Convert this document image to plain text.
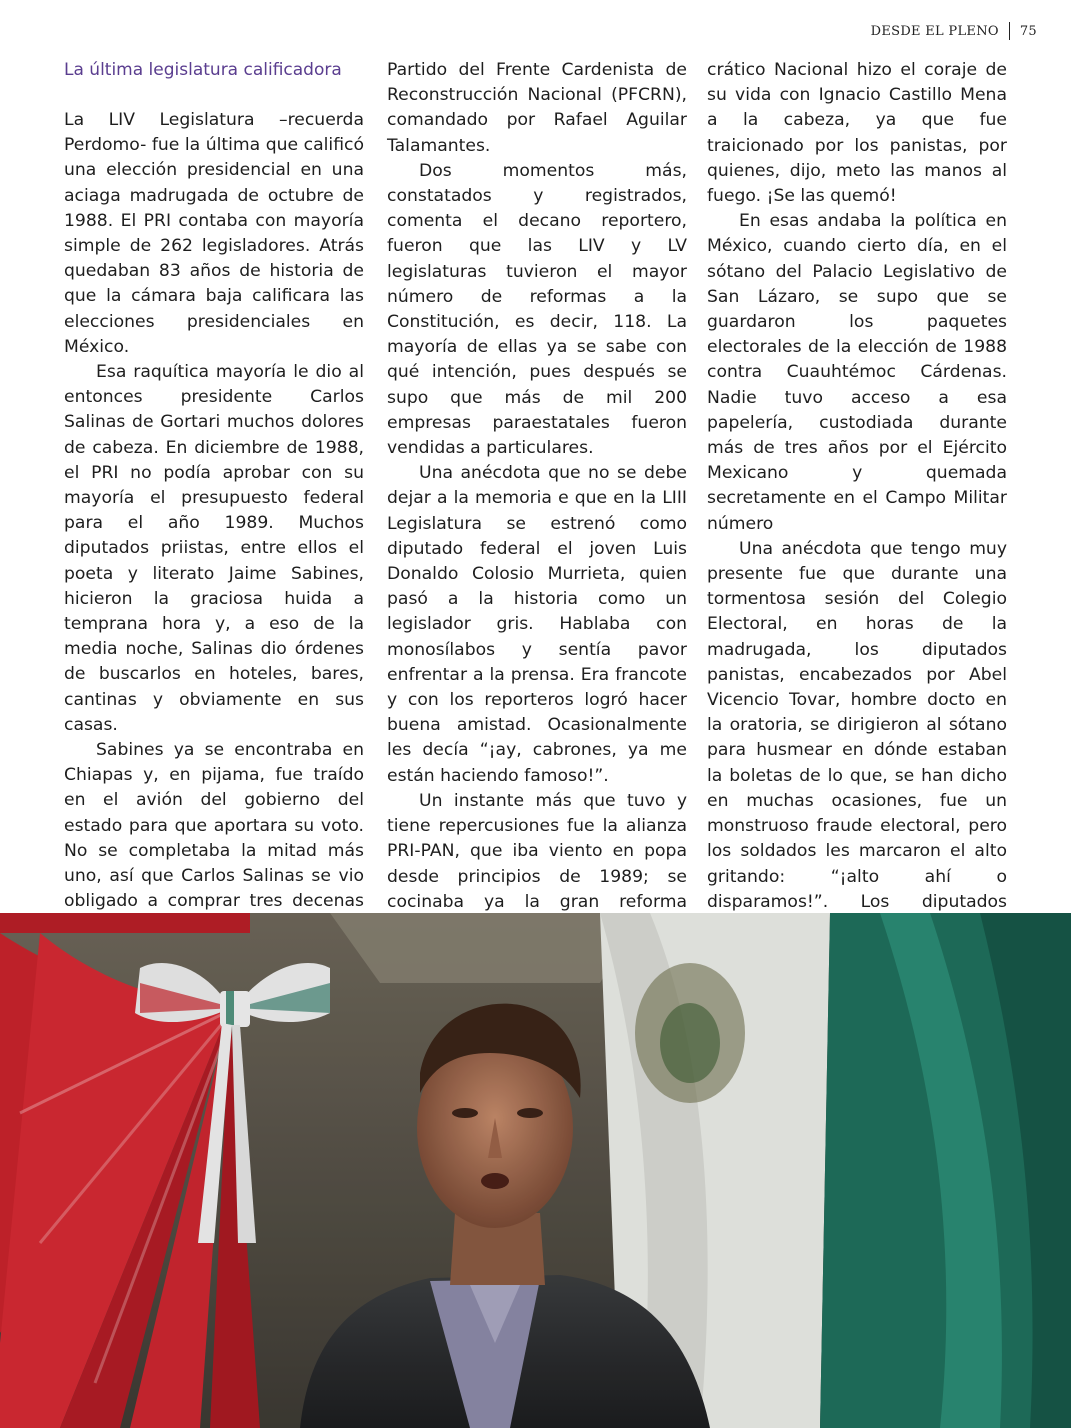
DESDE EL PLENO 75
La última legislatura calificadora

La LIV Legislatura –recuerda Perdomo- fue la última que calificó una elección presidencial en una aciaga madrugada de octubre de 1988. El PRI contaba con mayoría simple de 262 legisladores. Atrás quedaban 83 años de historia de que la cámara baja calificara las elecciones presidenciales en México.

Esa raquítica mayoría le dio al entonces presidente Carlos Salinas de Gortari muchos dolores de cabeza. En diciembre de 1988, el PRI no podía aprobar con su mayoría el presupuesto federal para el año 1989. Muchos diputados priistas, entre ellos el poeta y literato Jaime Sabines, hicieron la graciosa huida a temprana hora y, a eso de la media noche, Salinas dio órdenes de buscarlos en hoteles, bares, cantinas y obviamente en sus casas.

Sabines ya se encontraba en Chiapas y, en pijama, fue traído en el avión del gobierno del estado para que aportara su voto. No se completaba la mitad más uno, así que Carlos Salinas se vio obligado a comprar tres decenas

Partido del Frente Cardenista de Reconstrucción Nacional (PFCRN), comandado por Rafael Aguilar Talamantes.

Dos momentos más, constatados y registrados, comenta el decano reportero, fueron que las LIV y LV legislaturas tuvieron el mayor número de reformas a la Constitución, es decir, 118. La mayoría de ellas ya se sabe con qué intención, pues después se supo que más de mil 200 empresas paraestatales fueron vendidas a particulares.

Una anécdota que no se debe dejar a la memoria e que en la LIII Legislatura se estrenó como diputado federal el joven Luis Donaldo Colosio Murrieta, quien pasó a la historia como un legislador gris. Hablaba con monosílabos y sentía pavor enfrentar a la prensa. Era francote y con los reporteros logró hacer buena amistad. Ocasionalmente les decía “¡ay, cabrones, ya me están haciendo famoso!”.

Un instante más que tuvo y tiene repercusiones fue la alianza PRI-PAN, que iba viento en popa desde principios de 1989; se cocinaba ya la gran reforma

crático Nacional hizo el coraje de su vida con Ignacio Castillo Mena a la cabeza, ya que fue traicionado por los panistas, por quienes, dijo, meto las manos al fuego. ¡Se las quemó!

En esas andaba la política en México, cuando cierto día, en el sótano del Palacio Legislativo de San Lázaro, se supo que se guardaron los paquetes electorales de la elección de 1988 contra Cuauhtémoc Cárdenas. Nadie tuvo acceso a esa papelería, custodiada durante más de tres años por el Ejército Mexicano y quemada secretamente en el Campo Militar número

Una anécdota que tengo muy presente fue que durante una tormentosa sesión del Colegio Electoral, en horas de la madrugada, los diputados panistas, encabezados por Abel Vicencio Tovar, hombre docto en la oratoria, se dirigieron al sótano para husmear en dónde estaban la boletas de lo que, se han dicho en muchas ocasiones, fue un monstruoso fraude electoral, pero los soldados les marcaron el alto gritando: “¡alto ahí o disparamos!”. Los diputados
